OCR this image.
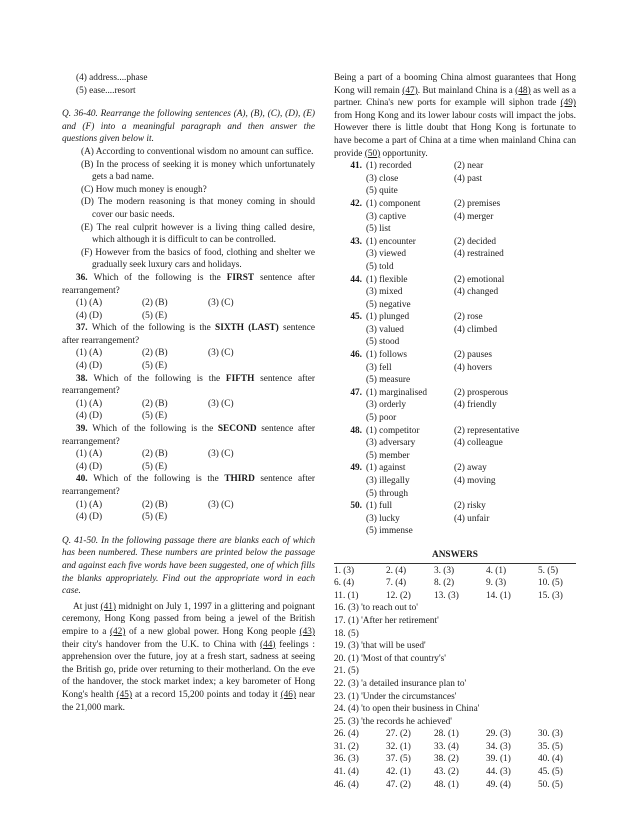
(4) address....phase
(5) ease....resort

Q. 36-40. Rearrange the following sentences (A), (B), (C), (D), (E) and (F) into a meaningful paragraph and then answer the questions given below it.

(A) According to conventional wisdom no amount can suffice.

(B) In the process of seeking it is money which unfortunately gets a bad name.

(C) How much money is enough?

(D) The modern reasoning is that money coming in should cover our basic needs.

(E) The real culprit however is a living thing called desire, which although it is difficult to can be controlled.

(F) However from the basics of food, clothing and shelter we gradually seek luxury cars and holidays.

36. Which of the following is the FIRST sentence after rearrangement?

(1) (A)	(2) (B)	(3) (C)
(4) (D)	(5) (E)

37. Which of the following is the SIXTH (LAST) sentence after rearrangement?

(1) (A)	(2) (B)	(3) (C)
(4) (D)	(5) (E)

38. Which of the following is the FIFTH sentence after rearrangement?

(1) (A)	(2) (B)	(3) (C)
(4) (D)	(5) (E)

39. Which of the following is the SECOND sentence after rearrangement?

(1) (A)	(2) (B)	(3) (C)
(4) (D)	(5) (E)

40. Which of the following is the THIRD sentence after rearrangement?

(1) (A)	(2) (B)	(3) (C)
(4) (D)	(5) (E)

Q. 41-50. In the following passage there are blanks each of which has been numbered. These numbers are printed below the passage and against each five words have been suggested, one of which fills the blanks appropriately. Find out the appropriate word in each case.

At just (41) midnight on July 1, 1997 in a glittering and poignant ceremony, Hong Kong passed from being a jewel of the British empire to a (42) of a new global power. Hong Kong people (43) their city's handover from the U.K. to China with (44) feelings : apprehension over the future, joy at a fresh start, sadness at seeing the British go, pride over returning to their motherland. On the eve of the handover, the stock market index; a key barometer of Hong Kong's health (45) at a record 15,200 points and today it (46) near the 21,000 mark.

Being a part of a booming China almost guarantees that Hong Kong will remain (47). But mainland China is a (48) as well as a partner. China's new ports for example will siphon trade (49) from Hong Kong and its lower labour costs will impact the jobs. However there is little doubt that Hong Kong is fortunate to have become a part of China at a time when mainland China can provide (50) opportunity.

41. (1) recorded	(2) near
(3) close	(4) past
(5) quite
42. (1) component	(2) premises
(3) captive	(4) merger
(5) list
43. (1) encounter	(2) decided
(3) viewed	(4) restrained
(5) told
44. (1) flexible	(2) emotional
(3) mixed	(4) changed
(5) negative
45. (1) plunged	(2) rose
(3) valued	(4) climbed
(5) stood
46. (1) follows	(2) pauses
(3) fell	(4) hovers
(5) measure
47. (1) marginalised	(2) prosperous
(3) orderly	(4) friendly
(5) poor
48. (1) competitor	(2) representative
(3) adversary	(4) colleague
(5) member
49. (1) against	(2) away
(3) illegally	(4) moving
(5) through
50. (1) full	(2) risky
(3) lucky	(4) unfair
(5) immense
ANSWERS
1. (3)	2. (4)	3. (3)	4. (1)	5. (5)
6. (4)	7. (4)	8. (2)	9. (3)	10. (5)
11. (1)	12. (2)	13. (3)	14. (1)	15. (3)
16. (3) 'to reach out to'
17. (1) 'After her retirement'
18. (5)
19. (3) 'that will be used'
20. (1) 'Most of that country's'
21. (5)
22. (3) 'a detailed insurance plan to'
23. (1) 'Under the circumstances'
24. (4) 'to open their business in China'
25. (3) 'the records he achieved'
26. (4)	27. (2)	28. (1)	29. (3)	30. (3)
31. (2)	32. (1)	33. (4)	34. (3)	35. (5)
36. (3)	37. (5)	38. (2)	39. (1)	40. (4)
41. (4)	42. (1)	43. (2)	44. (3)	45. (5)
46. (4)	47. (2)	48. (1)	49. (4)	50. (5)
